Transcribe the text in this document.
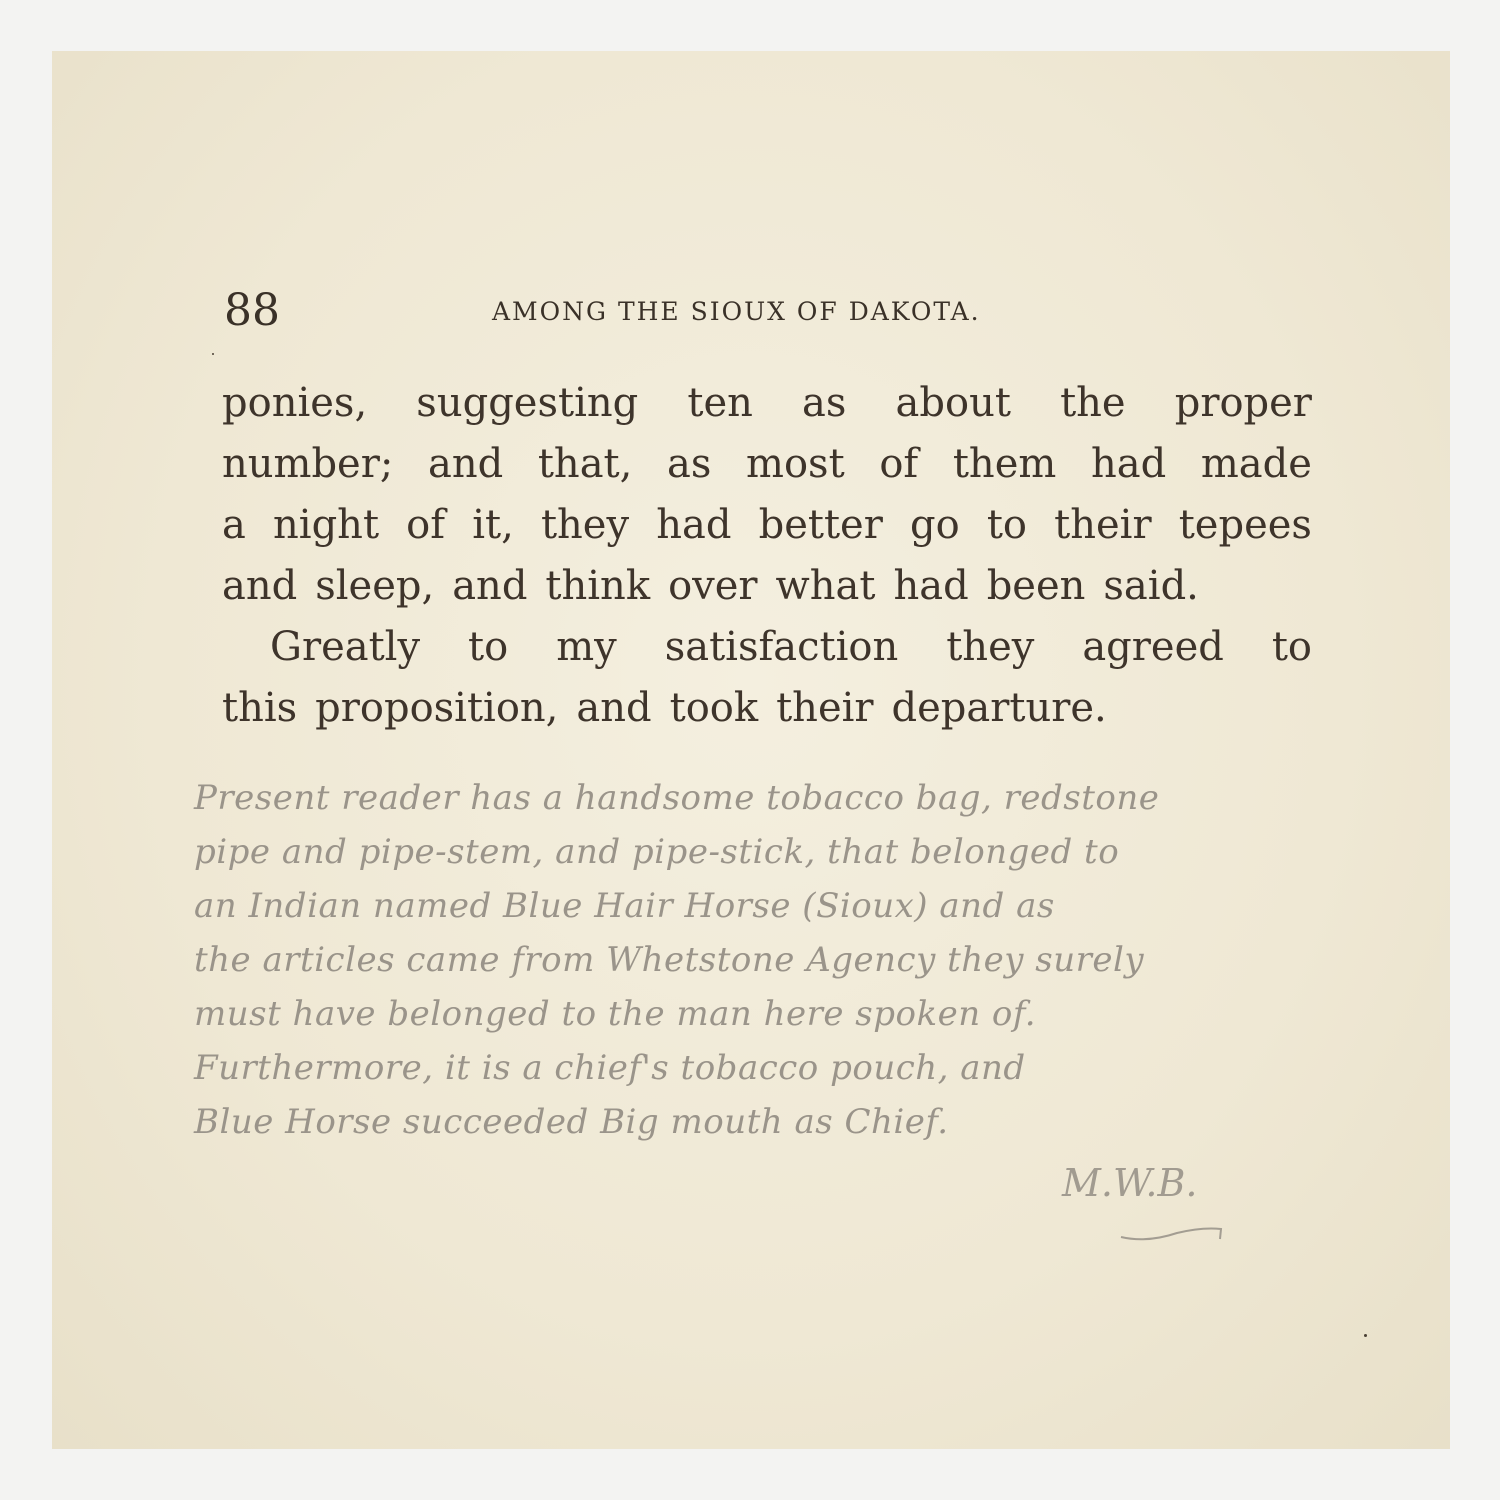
88	AMONG THE SIOUX OF DAKOTA.
ponies, suggesting ten as about the proper
number; and that, as most of them had made
a night of it, they had better go to their tepees
and sleep, and think over what had been said.
Greatly to my satisfaction they agreed to
this proposition, and took their departure.
Present reader has a handsome tobacco bag, redstone
pipe and pipe-stem, and pipe-stick, that belonged to
an Indian named Blue Hair Horse (Sioux) and as
the articles came from Whetstone Agency they surely
must have belonged to the man here spoken of.
Furthermore, it is a chief's tobacco pouch, and
Blue Horse succeeded Big mouth as Chief.
M.W.B.
